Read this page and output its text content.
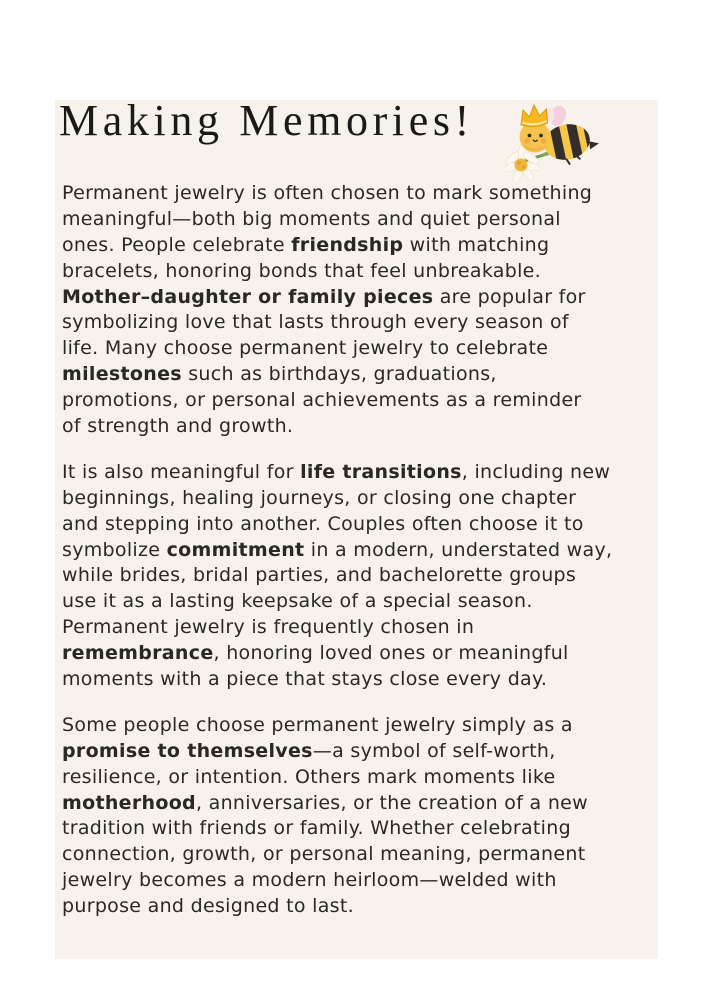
Making Memories!
Permanent jewelry is often chosen to mark something
meaningful—both big moments and quiet personal
ones. People celebrate friendship with matching
bracelets, honoring bonds that feel unbreakable.
Mother–daughter or family pieces are popular for
symbolizing love that lasts through every season of
life. Many choose permanent jewelry to celebrate
milestones such as birthdays, graduations,
promotions, or personal achievements as a reminder
of strength and growth.
It is also meaningful for life transitions, including new
beginnings, healing journeys, or closing one chapter
and stepping into another. Couples often choose it to
symbolize commitment in a modern, understated way,
while brides, bridal parties, and bachelorette groups
use it as a lasting keepsake of a special season.
Permanent jewelry is frequently chosen in
remembrance, honoring loved ones or meaningful
moments with a piece that stays close every day.
Some people choose permanent jewelry simply as a
promise to themselves—a symbol of self-worth,
resilience, or intention. Others mark moments like
motherhood, anniversaries, or the creation of a new
tradition with friends or family. Whether celebrating
connection, growth, or personal meaning, permanent
jewelry becomes a modern heirloom—welded with
purpose and designed to last.
